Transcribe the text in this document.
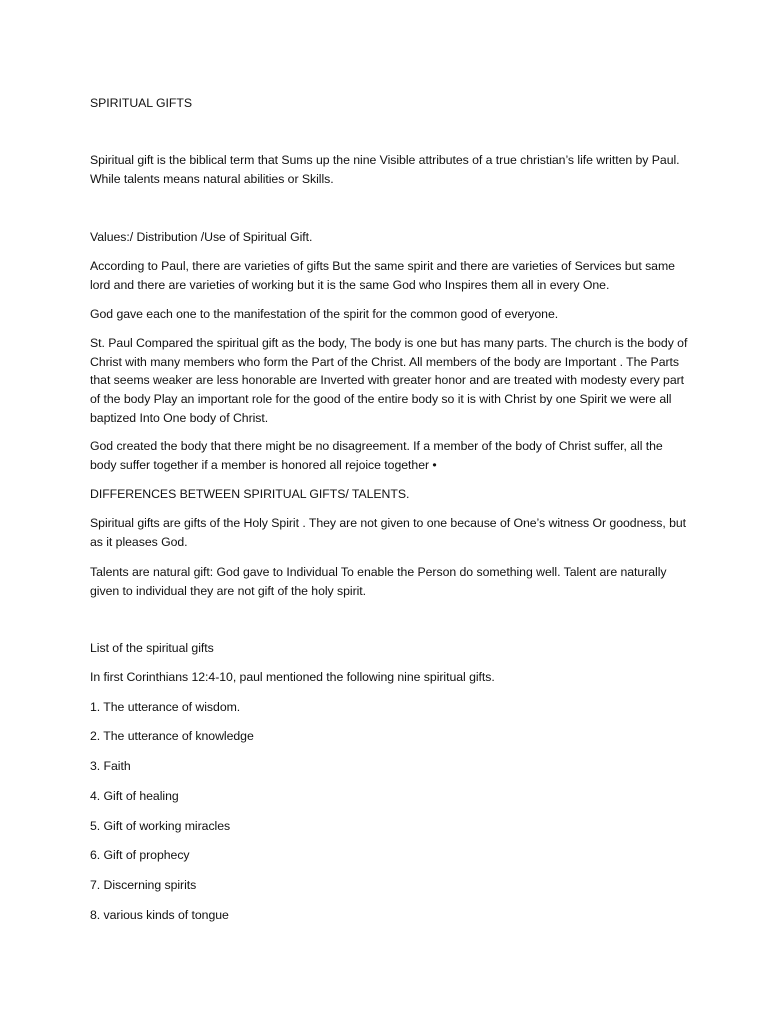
SPIRITUAL GIFTS

Spiritual gift is the biblical term that Sums up the nine Visible attributes of a true christian’s life written by Paul. While talents means natural abilities or Skills.

Values:/ Distribution /Use of Spiritual Gift.

According to Paul, there are varieties of gifts But the same spirit and there are varieties of Services but same lord and there are varieties of working but it is the same God who Inspires them all in every One.

God gave each one to the manifestation of the spirit for the common good of everyone.

St. Paul Compared the spiritual gift as the body, The body is one but has many parts. The church is the body of Christ with many members who form the Part of the Christ. All members of the body are Important . The Parts that seems weaker are less honorable are Inverted with greater honor and are treated with modesty every part of the body Play an important role for the good of the entire body so it is with Christ by one Spirit we were all baptized Into One body of Christ.

God created the body that there might be no disagreement. If a member of the body of Christ suffer, all the body suffer together if a member is honored all rejoice together •

DIFFERENCES BETWEEN SPIRITUAL GIFTS/ TALENTS.

Spiritual gifts are gifts of the Holy Spirit . They are not given to one because of One’s witness Or goodness, but as it pleases God.

Talents are natural gift: God gave to Individual To enable the Person do something well. Talent are naturally given to individual they are not gift of the holy spirit.

List of the spiritual gifts

In first Corinthians 12:4-10, paul mentioned the following nine spiritual gifts.

1. The utterance of wisdom.

2. The utterance of knowledge

3. Faith

4. Gift of healing

5. Gift of working miracles

6. Gift of prophecy

7. Discerning spirits

8. various kinds of tongue
